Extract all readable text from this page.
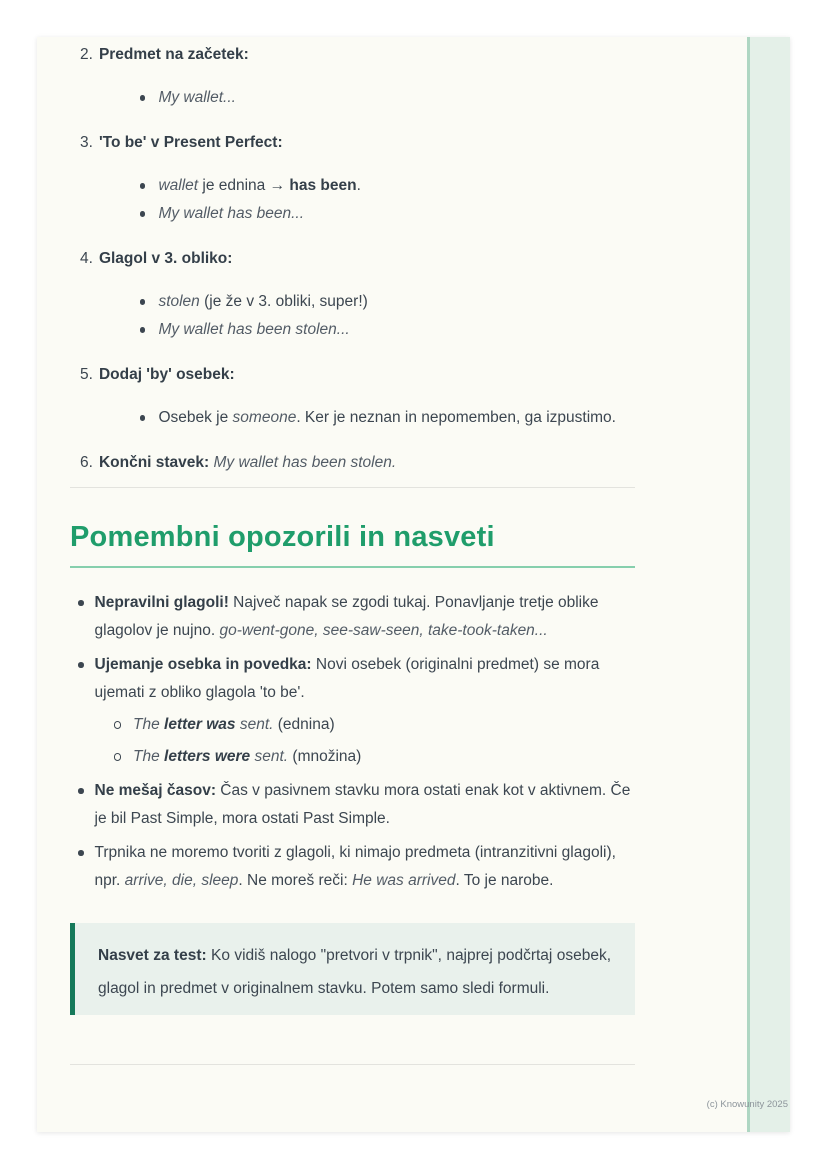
2. Predmet na začetek:
My wallet...
3. 'To be' v Present Perfect:
wallet je ednina → has been.
My wallet has been...
4. Glagol v 3. obliko:
stolen (je že v 3. obliki, super!)
My wallet has been stolen...
5. Dodaj 'by' osebek:
Osebek je someone. Ker je neznan in nepomemben, ga izpustimo.
6. Končni stavek: My wallet has been stolen.
Pomembni opozorili in nasveti
Nepravilni glagoli! Največ napak se zgodi tukaj. Ponavljanje tretje oblike glagolov je nujno. go-went-gone, see-saw-seen, take-took-taken...
Ujemanje osebka in povedka: Novi osebek (originalni predmet) se mora ujemati z obliko glagola 'to be'.
The letter was sent. (ednina)
The letters were sent. (množina)
Ne mešaj časov: Čas v pasivnem stavku mora ostati enak kot v aktivnem. Če je bil Past Simple, mora ostati Past Simple.
Trpnika ne moremo tvoriti z glagoli, ki nimajo predmeta (intranzitivni glagoli), npr. arrive, die, sleep. Ne moreš reči: He was arrived. To je narobe.

Nasvet za test: Ko vidiš nalogo "pretvori v trpnik", najprej podčrtaj osebek, glagol in predmet v originalnem stavku. Potem samo sledi formuli.

(c) Knowunity 2025
